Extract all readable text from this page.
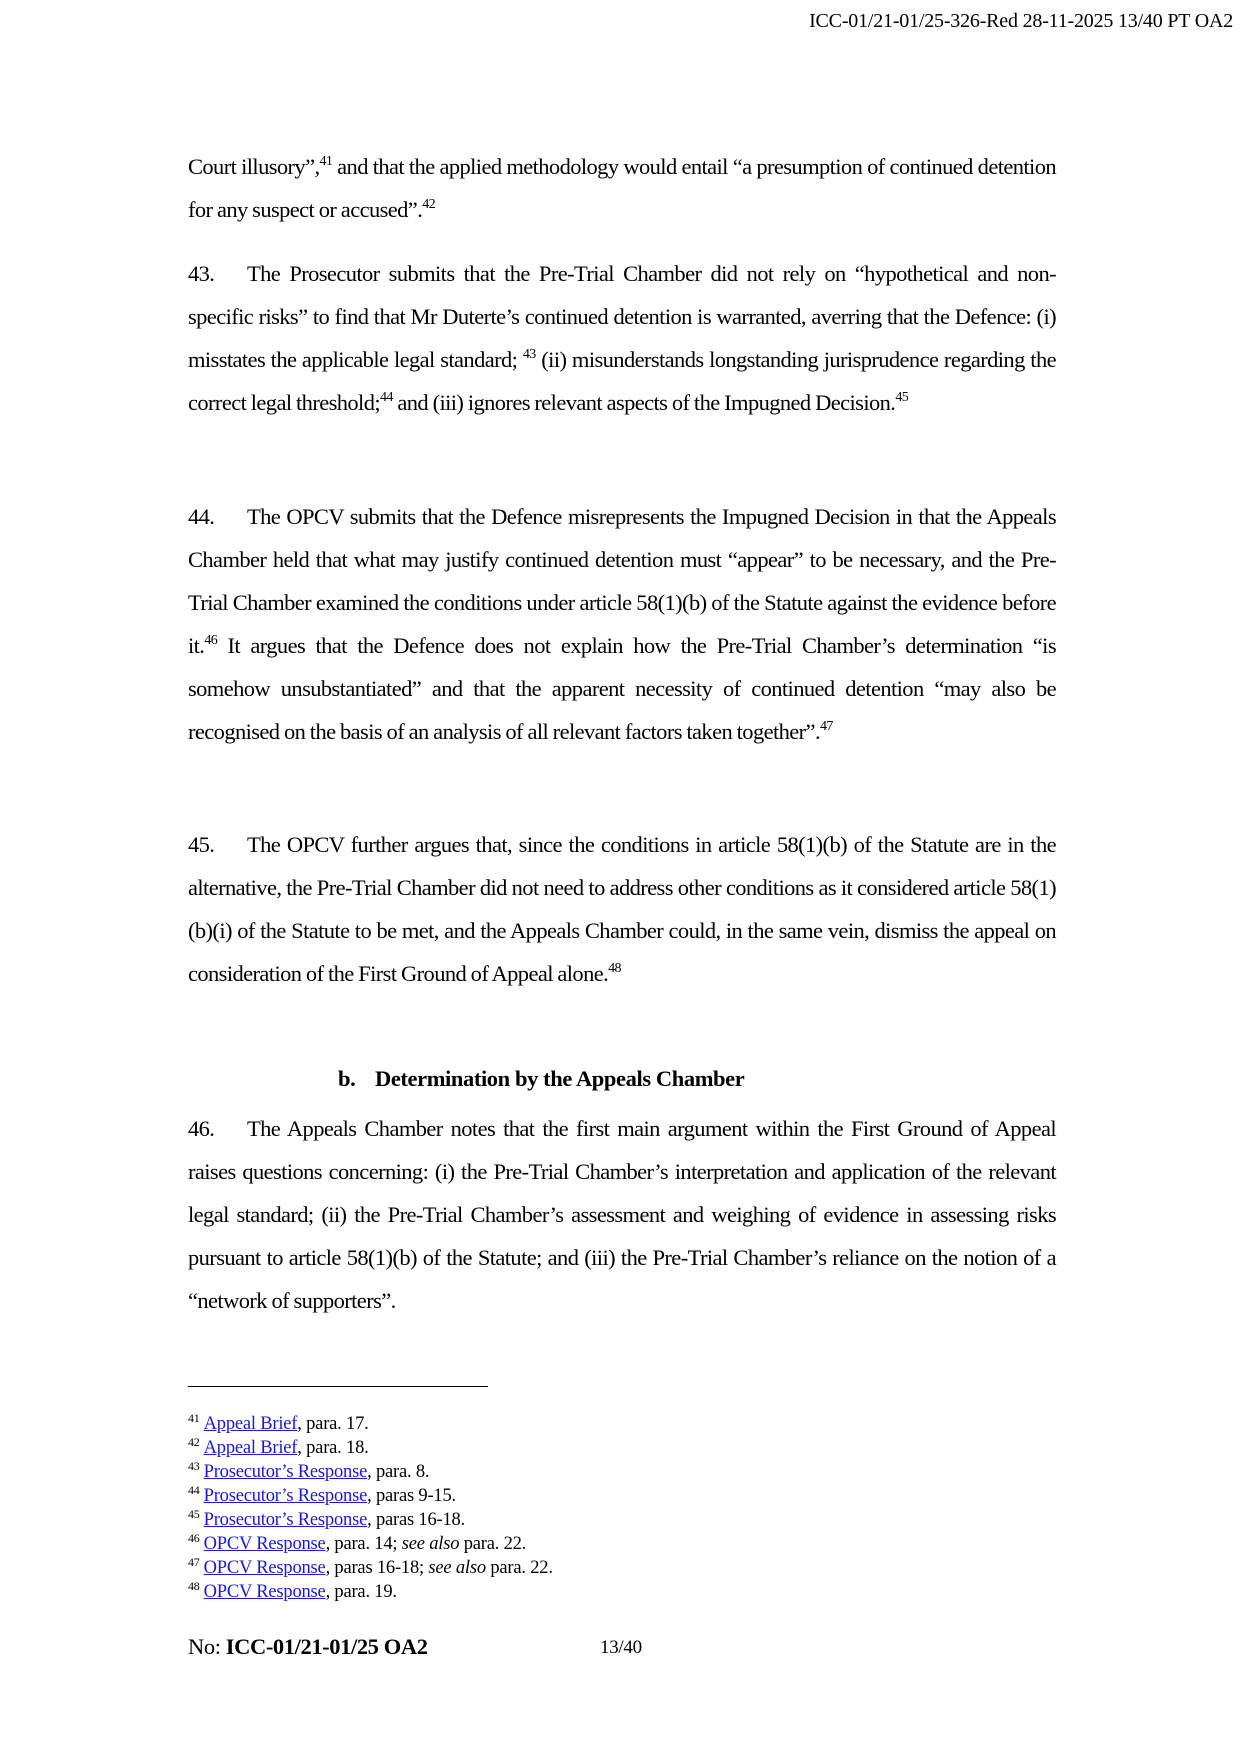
ICC-01/21-01/25-326-Red 28-11-2025 13/40 PT OA2

Court illusory”,$^{41}$ and that the applied methodology would entail “a presumption of continued detention for any suspect or accused”.$^{42}$

43. The Prosecutor submits that the Pre-Trial Chamber did not rely on “hypothetical and non-specific risks” to find that Mr Duterte’s continued detention is warranted, averring that the Defence: (i) misstates the applicable legal standard; $^{43}$ (ii) misunderstands longstanding jurisprudence regarding the correct legal threshold;$^{44}$ and (iii) ignores relevant aspects of the Impugned Decision.$^{45}$

44. The OPCV submits that the Defence misrepresents the Impugned Decision in that the Appeals Chamber held that what may justify continued detention must “appear” to be necessary, and the Pre-Trial Chamber examined the conditions under article 58(1)(b) of the Statute against the evidence before it.$^{46}$ It argues that the Defence does not explain how the Pre-Trial Chamber’s determination “is somehow unsubstantiated” and that the apparent necessity of continued detention “may also be recognised on the basis of an analysis of all relevant factors taken together”.$^{47}$

45. The OPCV further argues that, since the conditions in article 58(1)(b) of the Statute are in the alternative, the Pre-Trial Chamber did not need to address other conditions as it considered article 58(1)(b)(i) of the Statute to be met, and the Appeals Chamber could, in the same vein, dismiss the appeal on consideration of the First Ground of Appeal alone.$^{48}$

b. Determination by the Appeals Chamber

46. The Appeals Chamber notes that the first main argument within the First Ground of Appeal raises questions concerning: (i) the Pre-Trial Chamber’s interpretation and application of the relevant legal standard; (ii) the Pre-Trial Chamber’s assessment and weighing of evidence in assessing risks pursuant to article 58(1)(b) of the Statute; and (iii) the Pre-Trial Chamber’s reliance on the notion of a “network of supporters”.

$^{41}$ Appeal Brief, para. 17.
$^{42}$ Appeal Brief, para. 18.
$^{43}$ Prosecutor’s Response, para. 8.
$^{44}$ Prosecutor’s Response, paras 9-15.
$^{45}$ Prosecutor’s Response, paras 16-18.
$^{46}$ OPCV Response, para. 14; see also para. 22.
$^{47}$ OPCV Response, paras 16-18; see also para. 22.
$^{48}$ OPCV Response, para. 19.
No: ICC-01/21-01/25 OA2	13/40
